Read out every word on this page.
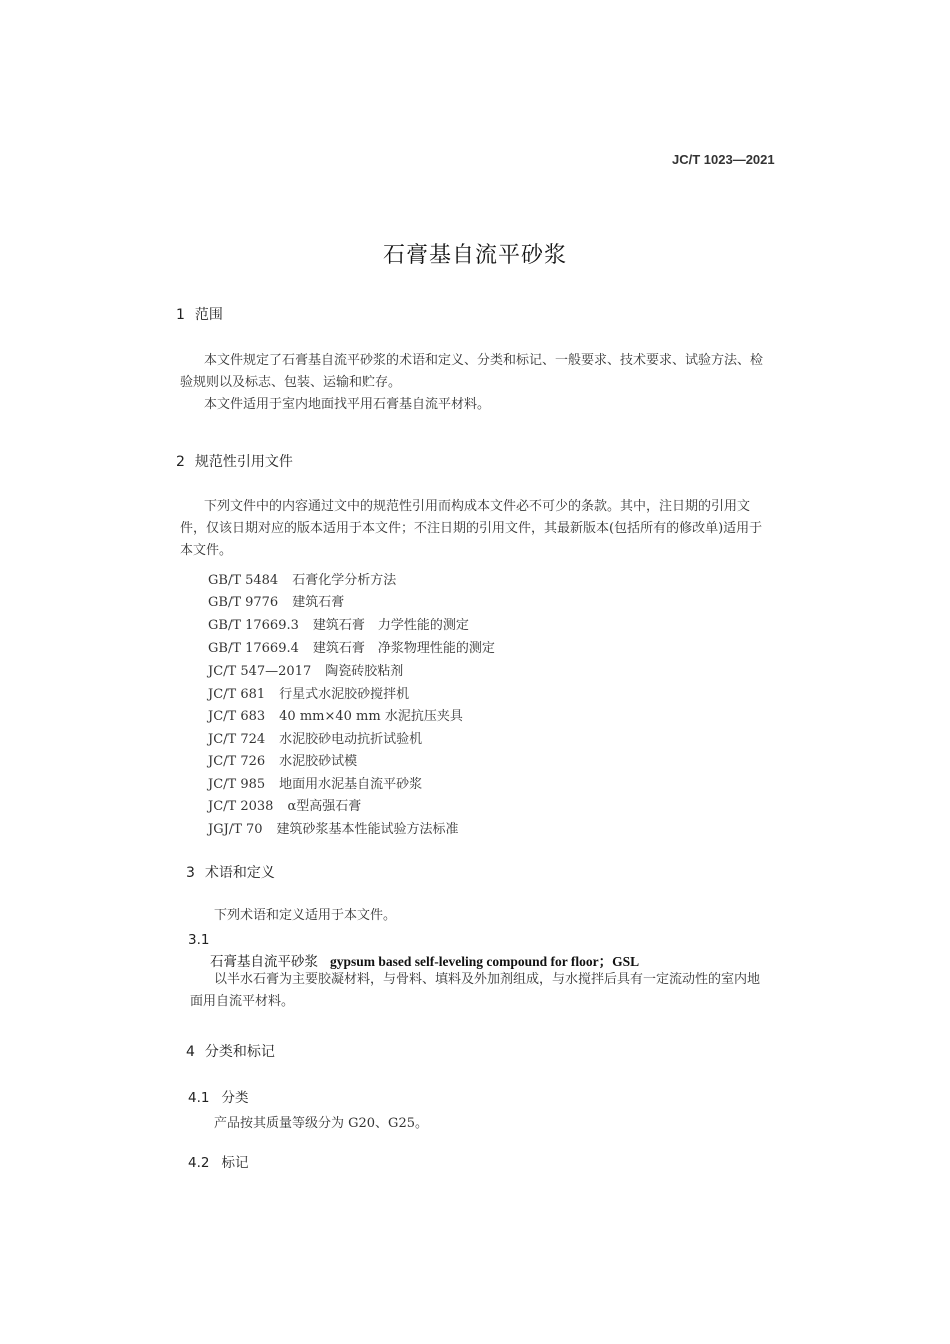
JC/T 1023—2021
石膏基自流平砂浆
1 范围

本文件规定了石膏基自流平砂浆的术语和定义、分类和标记、一般要求、技术要求、试验方法、检

验规则以及标志、包装、运输和贮存。

本文件适用于室内地面找平用石膏基自流平材料。

2 规范性引用文件

下列文件中的内容通过文中的规范性引用而构成本文件必不可少的条款。其中，注日期的引用文

件，仅该日期对应的版本适用于本文件；不注日期的引用文件，其最新版本(包括所有的修改单)适用于

本文件。

GB/T 5484 石膏化学分析方法
GB/T 9776 建筑石膏
GB/T 17669.3 建筑石膏　力学性能的测定
GB/T 17669.4 建筑石膏　净浆物理性能的测定
JC/T 547—2017 陶瓷砖胶粘剂
JC/T 681 行星式水泥胶砂搅拌机
JC/T 683 40 mm×40 mm 水泥抗压夹具
JC/T 724 水泥胶砂电动抗折试验机
JC/T 726 水泥胶砂试模
JC/T 985 地面用水泥基自流平砂浆
JC/T 2038 α型高强石膏
JGJ/T 70 建筑砂浆基本性能试验方法标准
3 术语和定义
下列术语和定义适用于本文件。
3.1
石膏基自流平砂浆 gypsum based self-leveling compound for floor；GSL

以半水石膏为主要胶凝材料，与骨料、填料及外加剂组成，与水搅拌后具有一定流动性的室内地

面用自流平材料。

4 分类和标记
4.1 分类
产品按其质量等级分为 G20、G25。
4.2 标记
